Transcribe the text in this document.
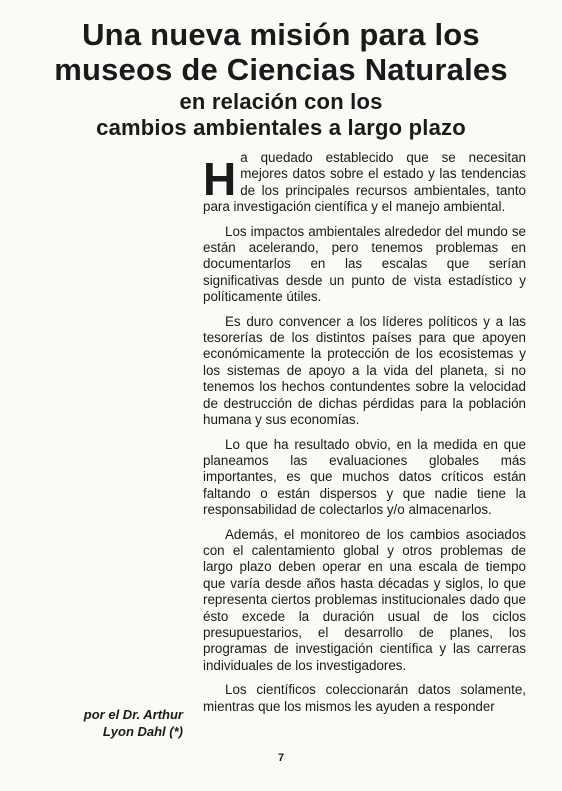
Una nueva misión para los
museos de Ciencias Naturales
en relación con los
cambios ambientales a largo plazo

Ha quedado establecido que se necesitan mejores datos sobre el estado y las tendencias de los principales recursos ambientales, tanto para investigación científica y el manejo ambiental.

Los impactos ambientales alrededor del mundo se están acelerando, pero tenemos problemas en documentarlos en las escalas que serían significativas desde un punto de vista estadístico y políticamente útiles.

Es duro convencer a los líderes políticos y a las tesorerías de los distintos países para que apoyen económicamente la protección de los ecosistemas y los sistemas de apoyo a la vida del planeta, si no tenemos los hechos contundentes sobre la velocidad de destrucción de dichas pérdidas para la población humana y sus economías.

Lo que ha resultado obvio, en la medida en que planeamos las evaluaciones globales más importantes, es que muchos datos críticos están faltando o están dispersos y que nadie tiene la responsabilidad de colectarlos y/o almacenarlos.

Además, el monitoreo de los cambios asociados con el calentamiento global y otros problemas de largo plazo deben operar en una escala de tiempo que varía desde años hasta décadas y siglos, lo que representa ciertos problemas institucionales dado que ésto excede la duración usual de los ciclos presupuestarios, el desarrollo de planes, los programas de investigación científica y las carreras individuales de los investigadores.

Los científicos coleccionarán datos solamente, mientras que los mismos les ayuden a responder

por el Dr. Arthur
Lyon Dahl (*)
7
